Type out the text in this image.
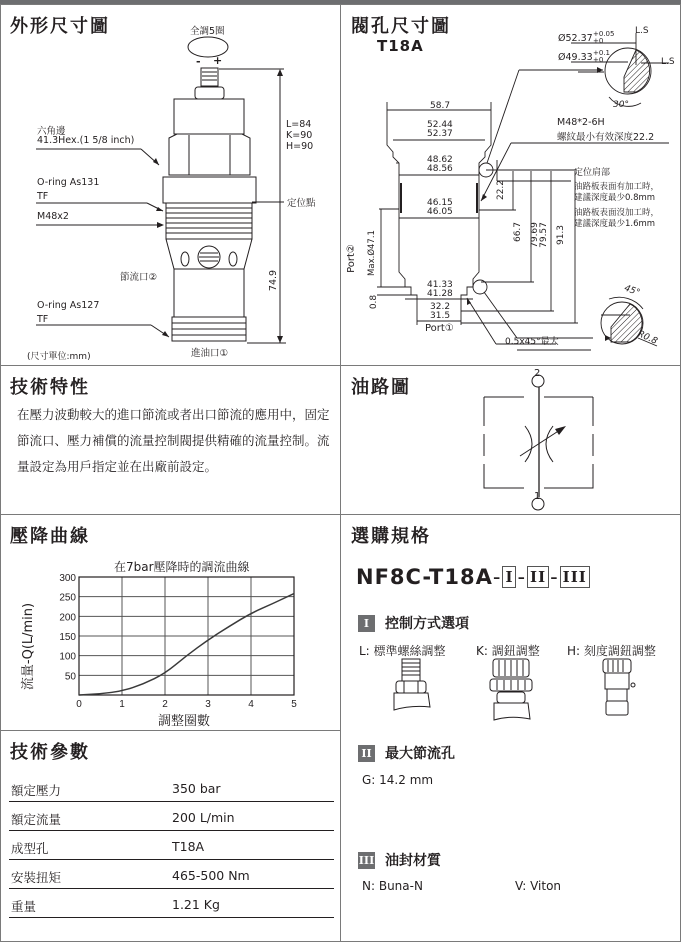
外形尺寸圖	全調5圈
- +
六角邊
41.3Hex.(1 5/8 inch)
O-ring As131
TF
M48x2
節流口②
O-ring As127
TF
進油口①
(尺寸單位:mm)
L=84
K=90
H=90
定位點
74.9
閥孔尺寸圖
T18A	Ø52.37 +0.05
+0
Ø49.33 +0.1
+0
L.S
L.S
30°
M48*2-6H
螺紋最小有效深度22.2
58.7
52.44
52.37
48.62
48.56
46.15
46.05
41.33
41.28
32.2
31.5
22.2
66.7 79.69 79.57 91.3
定位肩部
油路板表面有加工時，
建議深度最少0.8mm
油路板表面沒加工時，
建議深度最少1.6mm
Port② Max.Ø47.1
0.8
Port①
0.5x45°最大
45°
R0.8
技術特性
在壓力波動較大的進口節流或者出口節流的應用中，固定節流口、壓力補償的流量控制閥提供精確的流量控制。流量設定為用戶指定並在出廠前設定。
油路圖
2
1
壓降曲線
在7bar壓降時的調流曲線
流量-Q(L/min)
調整圈數
0	1	2	3	4	5
50
100
150
200
250
300
選購規格
NF8C-T18A- I - II - III
I 控制方式選項
L: 標準螺絲調整	K: 調鈕調整 H: 刻度調鈕調整
II 最大節流孔
G: 14.2 mm
III 油封材質
N: Buna-N	V: Viton
技術參數
額定壓力	350 bar
額定流量	200 L/min
成型孔	T18A
安裝扭矩	465-500 Nm
重量	1.21 Kg
